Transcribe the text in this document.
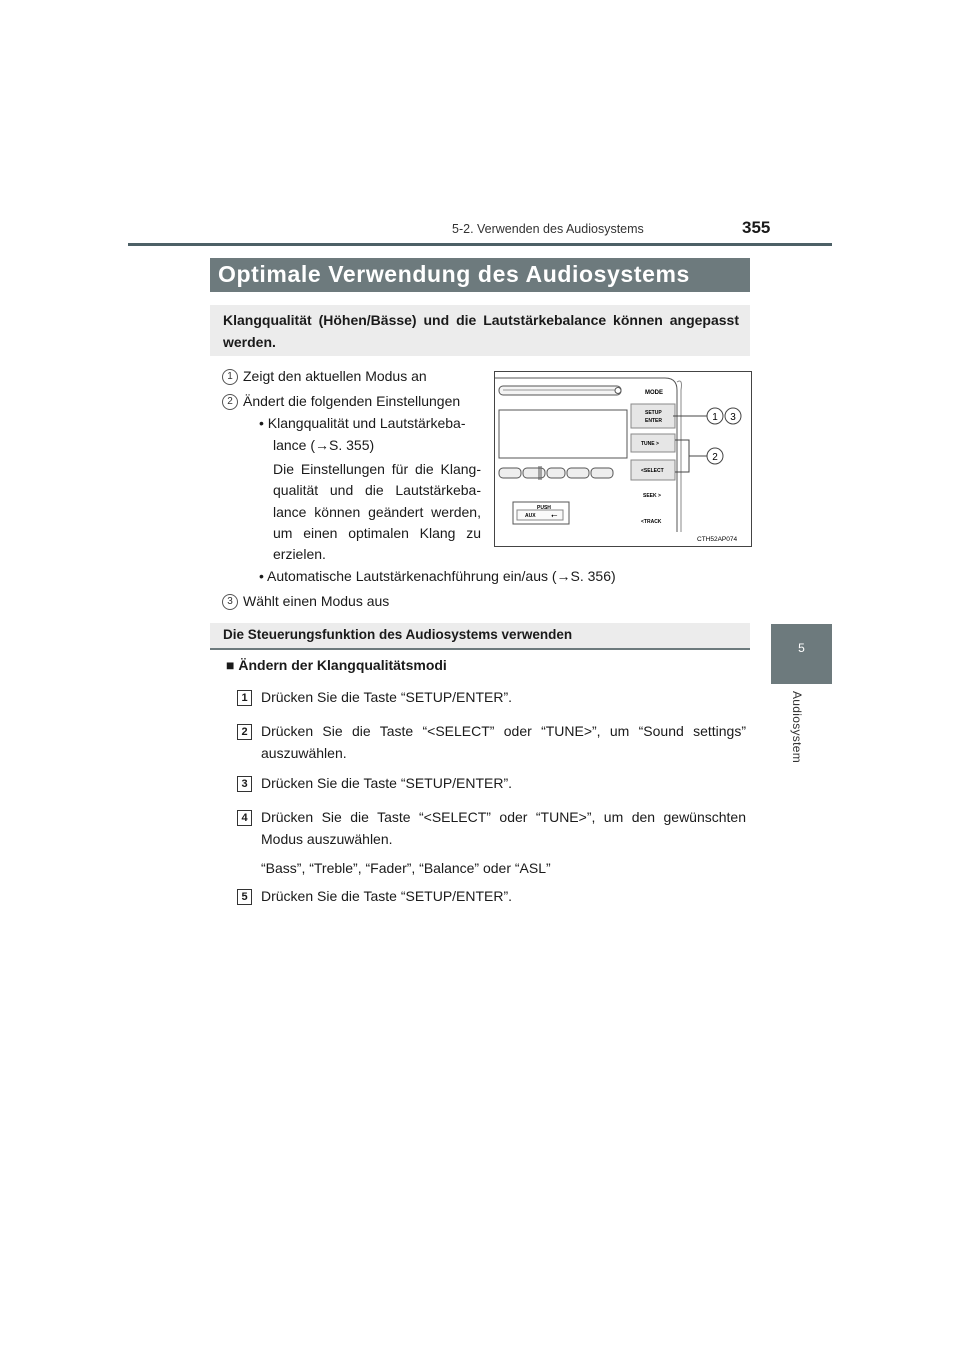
355
5-2. Verwenden des Audiosystems
5
Audiosystem
Optimale Verwendung des Audiosystems

Klangqualität (Höhen/Bässe) und die Lautstärkebalance können angepasst werden.

1 Zeigt den aktuellen Modus an
2 Ändert die folgenden Einstellungen
• Klangqualität und Lautstärkeba-
lance (→S. 355)
Die Einstellungen für die Klangqualität und die Lautstärkebalance können geändert werden, um einen optimalen Klang zu erzielen.
• Automatische Lautstärkenachführung ein/aus (→S. 356)
3 Wählt einen Modus aus
PUSH
AUX ⭠
MODE
SETUP
ENTER
TUNE >
<SELECT
SEEK >
<TRACK
1 3
2
CTH52AP074
Die Steuerungsfunktion des Audiosystems verwenden
■ Ändern der Klangqualitätsmodi
1 Drücken Sie die Taste “SETUP/ENTER”.
2 Drücken Sie die Taste “<SELECT” oder “TUNE>”, um “Sound settings” auszuwählen.
3 Drücken Sie die Taste “SETUP/ENTER”.
4 Drücken Sie die Taste “<SELECT” oder “TUNE>”, um den gewünschten Modus auszuwählen.
“Bass”, “Treble”, “Fader”, “Balance” oder “ASL”
5 Drücken Sie die Taste “SETUP/ENTER”.
